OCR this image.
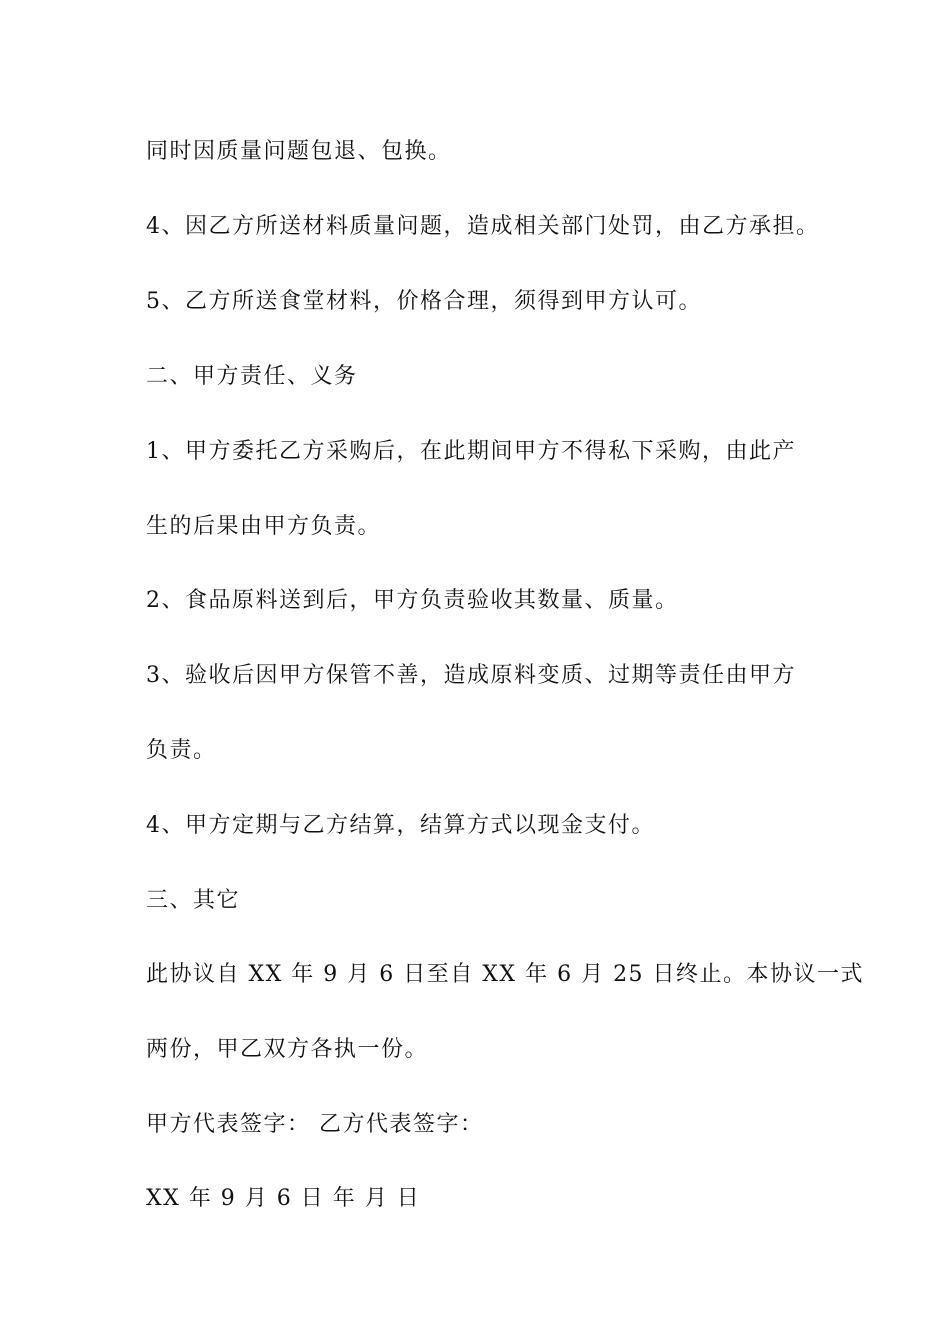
同时因质量问题包退、包换。
4、因乙方所送材料质量问题，造成相关部门处罚，由乙方承担。
5、乙方所送食堂材料，价格合理，须得到甲方认可。
二、甲方责任、义务
1、甲方委托乙方采购后，在此期间甲方不得私下采购，由此产
生的后果由甲方负责。
2、食品原料送到后，甲方负责验收其数量、质量。
3、验收后因甲方保管不善，造成原料变质、过期等责任由甲方
负责。
4、甲方定期与乙方结算，结算方式以现金支付。
三、其它
此协议自 XX 年 9 月 6 日至自 XX 年 6 月 25 日终止。本协议一式
两份，甲乙双方各执一份。
甲方代表签字： 乙方代表签字：
XX 年 9 月 6 日 年 月 日
